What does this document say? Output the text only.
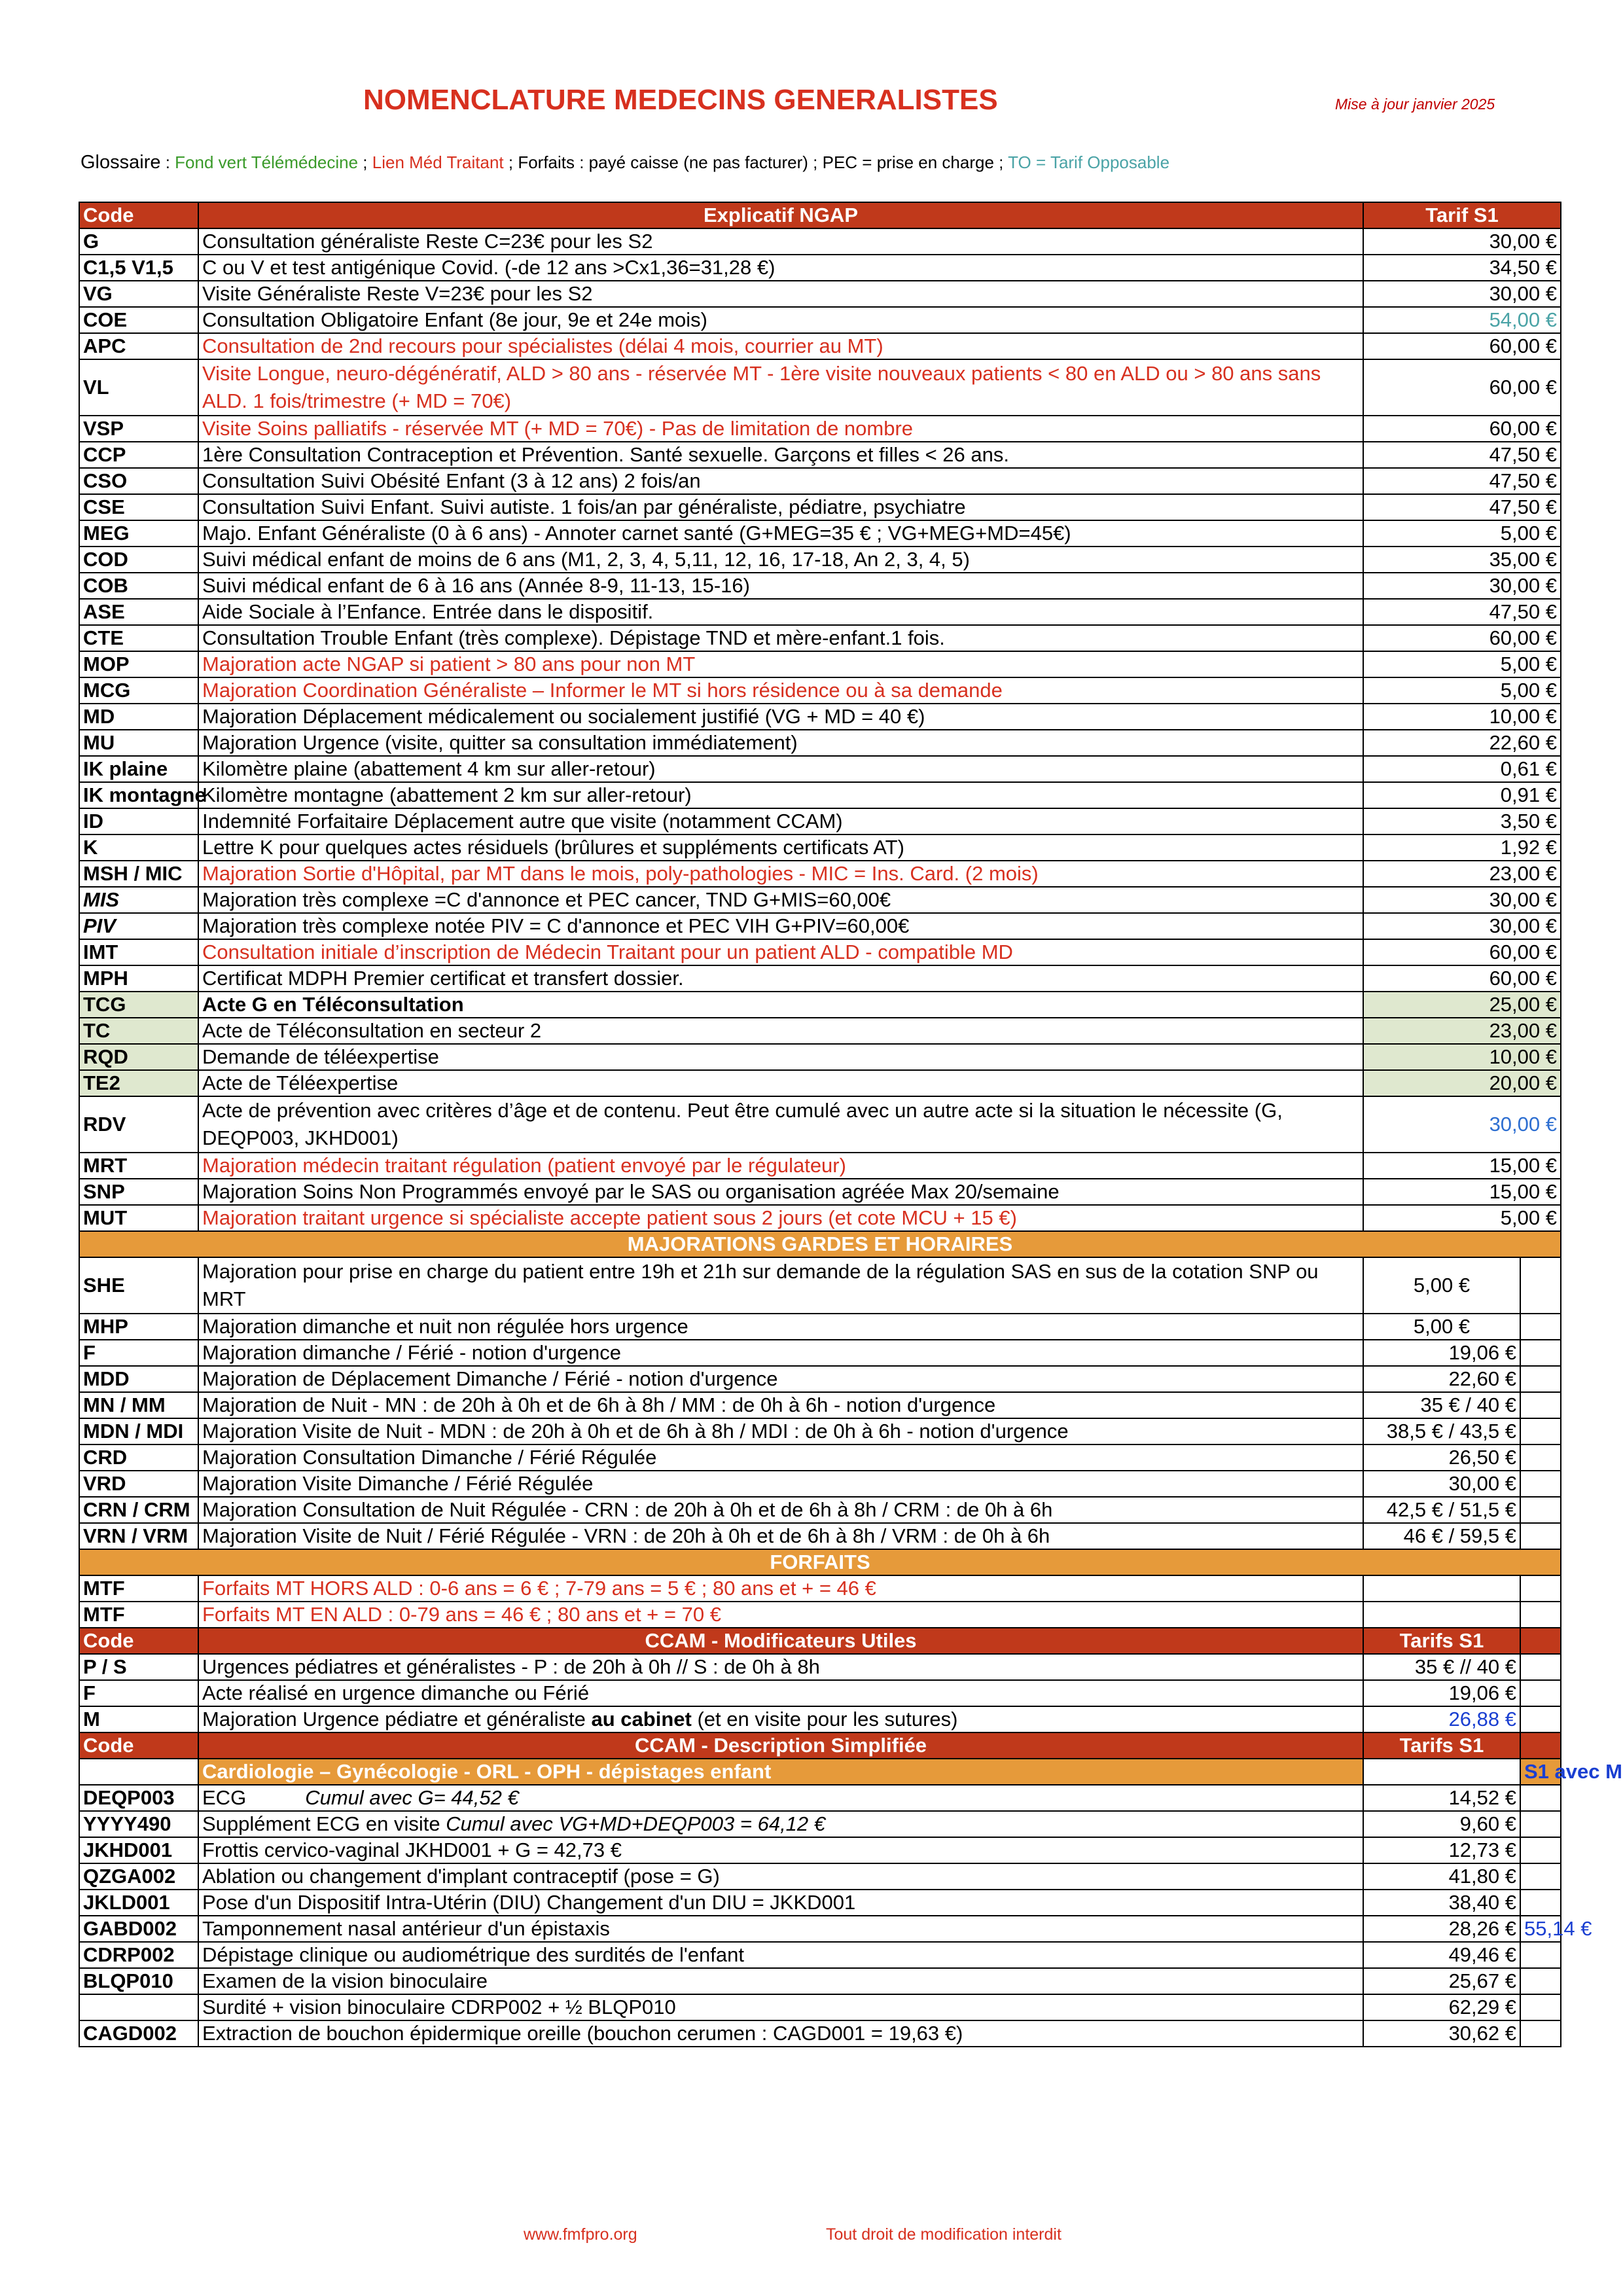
NOMENCLATURE MEDECINS GENERALISTES	Mise à jour janvier 2025
Glossaire : Fond vert Télémédecine ; Lien Méd Traitant ; Forfaits : payé caisse (ne pas facturer) ; PEC = prise en charge ; TO = Tarif Opposable
Code	Explicatif NGAP	Tarif S1	
G	Consultation généraliste Reste C=23€ pour les S2	30,00 €	
C1,5 V1,5	C ou V et test antigénique Covid. (-de 12 ans >Cx1,36=31,28 €)	34,50 €	
VG	Visite Généraliste Reste V=23€ pour les S2	30,00 €	
COE	Consultation Obligatoire Enfant (8e jour, 9e et 24e mois)	54,00 €	
APC	Consultation de 2nd recours pour spécialistes (délai 4 mois, courrier au MT)	60,00 €	
VL	Visite Longue, neuro-dégénératif, ALD > 80 ans - réservée MT - 1ère visite nouveaux patients < 80 en ALD ou > 80 ans sans ALD. 1 fois/trimestre (+ MD = 70€)	60,00 €	
VSP	Visite Soins palliatifs - réservée MT (+ MD = 70€) - Pas de limitation de nombre	60,00 €	
CCP	1ère Consultation Contraception et Prévention. Santé sexuelle. Garçons et filles < 26 ans.	47,50 €	
CSO	Consultation Suivi Obésité Enfant (3 à 12 ans) 2 fois/an	47,50 €	
CSE	Consultation Suivi Enfant. Suivi autiste. 1 fois/an par généraliste, pédiatre, psychiatre	47,50 €	
MEG	Majo. Enfant Généraliste (0 à 6 ans) - Annoter carnet santé (G+MEG=35 € ; VG+MEG+MD=45€)	5,00 €	
COD	Suivi médical enfant de moins de 6 ans (M1, 2, 3, 4, 5,11, 12, 16, 17-18, An 2, 3, 4, 5)	35,00 €	
COB	Suivi médical enfant de 6 à 16 ans (Année 8-9, 11-13, 15-16)	30,00 €	
ASE	Aide Sociale à l’Enfance. Entrée dans le dispositif.	47,50 €	
CTE	Consultation Trouble Enfant (très complexe). Dépistage TND et mère-enfant.1 fois.	60,00 €	
MOP	Majoration acte NGAP si patient > 80 ans pour non MT	5,00 €	
MCG	Majoration Coordination Généraliste – Informer le MT si hors résidence ou à sa demande	5,00 €	
MD	Majoration Déplacement médicalement ou socialement justifié (VG + MD = 40 €)	10,00 €	
MU	Majoration Urgence (visite, quitter sa consultation immédiatement)	22,60 €	
IK plaine	Kilomètre plaine (abattement 4 km sur aller-retour)	0,61 €	
IK montagne	Kilomètre montagne (abattement 2 km sur aller-retour)	0,91 €	
ID	Indemnité Forfaitaire Déplacement autre que visite (notamment CCAM)	3,50 €	
K	Lettre K pour quelques actes résiduels (brûlures et suppléments certificats AT)	1,92 €	
MSH / MIC	Majoration Sortie d'Hôpital, par MT dans le mois, poly-pathologies - MIC = Ins. Card. (2 mois)	23,00 €	
MIS	Majoration très complexe =C d'annonce et PEC cancer, TND G+MIS=60,00€	30,00 €	
PIV	Majoration très complexe notée PIV = C d'annonce et PEC VIH G+PIV=60,00€	30,00 €	
IMT	Consultation initiale d’inscription de Médecin Traitant pour un patient ALD - compatible MD	60,00 €	
MPH	Certificat MDPH Premier certificat et transfert dossier.	60,00 €	
TCG	Acte G en Téléconsultation	25,00 €	
TC	Acte de Téléconsultation en secteur 2	23,00 €	
RQD	Demande de téléexpertise	10,00 €	
TE2	Acte de Téléexpertise	20,00 €	
RDV	Acte de prévention avec critères d’âge et de contenu. Peut être cumulé avec un autre acte si la situation le nécessite (G, DEQP003, JKHD001)	30,00 €	
MRT	Majoration médecin traitant régulation (patient envoyé par le régulateur)	15,00 €	
SNP	Majoration Soins Non Programmés envoyé par le SAS ou organisation agréée Max 20/semaine	15,00 €	
MUT	Majoration traitant urgence si spécialiste accepte patient sous 2 jours (et cote MCU + 15 €)	5,00 €	
MAJORATIONS GARDES ET HORAIRES			
SHE	Majoration pour prise en charge du patient entre 19h et 21h sur demande de la régulation SAS en sus de la cotation SNP ou MRT	5,00 €	
MHP	Majoration dimanche et nuit non régulée hors urgence	5,00 €	
F	Majoration dimanche / Férié - notion d'urgence	19,06 €	
MDD	Majoration de Déplacement Dimanche / Férié - notion d'urgence	22,60 €	
MN / MM	Majoration de Nuit - MN : de 20h à 0h et de 6h à 8h / MM : de 0h à 6h - notion d'urgence	35 € / 40 €	
MDN / MDI	Majoration Visite de Nuit - MDN : de 20h à 0h et de 6h à 8h / MDI : de 0h à 6h - notion d'urgence	38,5 € / 43,5 €	
CRD	Majoration Consultation Dimanche / Férié Régulée	26,50 €	
VRD	Majoration Visite Dimanche / Férié Régulée	30,00 €	
CRN / CRM	Majoration Consultation de Nuit Régulée - CRN : de 20h à 0h et de 6h à 8h / CRM : de 0h à 6h	42,5 € / 51,5 €	
VRN / VRM	Majoration Visite de Nuit / Férié Régulée - VRN : de 20h à 0h et de 6h à 8h / VRM : de 0h à 6h	46 € / 59,5 €	
FORFAITS			
MTF	Forfaits MT HORS ALD : 0-6 ans = 6 € ; 7-79 ans = 5 € ; 80 ans et + = 46 €		
MTF	Forfaits MT EN ALD : 0-79 ans = 46 € ; 80 ans et + = 70 €		
Code	CCAM - Modificateurs Utiles	Tarifs S1	
P / S	Urgences pédiatres et généralistes - P : de 20h à 0h // S : de 0h à 8h	35 € // 40 €	
F	Acte réalisé en urgence dimanche ou Férié	19,06 €	
M	Majoration Urgence pédiatre et généraliste au cabinet (et en visite pour les sutures)	26,88 €	
Code	CCAM - Description Simplifiée	Tarifs S1	
	Cardiologie – Gynécologie - ORL - OPH - dépistages enfant		S1 avec M
DEQP003	ECG Cumul avec G= 44,52 €	14,52 €	
YYYY490	Supplément ECG en visite Cumul avec VG+MD+DEQP003 = 64,12 €	9,60 €	
JKHD001	Frottis cervico-vaginal JKHD001 + G = 42,73 €	12,73 €	
QZGA002	Ablation ou changement d'implant contraceptif (pose = G)	41,80 €	
JKLD001	Pose d'un Dispositif Intra-Utérin (DIU) Changement d'un DIU = JKKD001	38,40 €	
GABD002	Tamponnement nasal antérieur d'un épistaxis	28,26 €	55,14 €
CDRP002	Dépistage clinique ou audiométrique des surdités de l'enfant	49,46 €	
BLQP010	Examen de la vision binoculaire	25,67 €	
	Surdité + vision binoculaire CDRP002 + ½ BLQP010	62,29 €	
CAGD002	Extraction de bouchon épidermique oreille (bouchon cerumen : CAGD001 = 19,63 €)	30,62 €	
www.fmfpro.org	Tout droit de modification interdit
